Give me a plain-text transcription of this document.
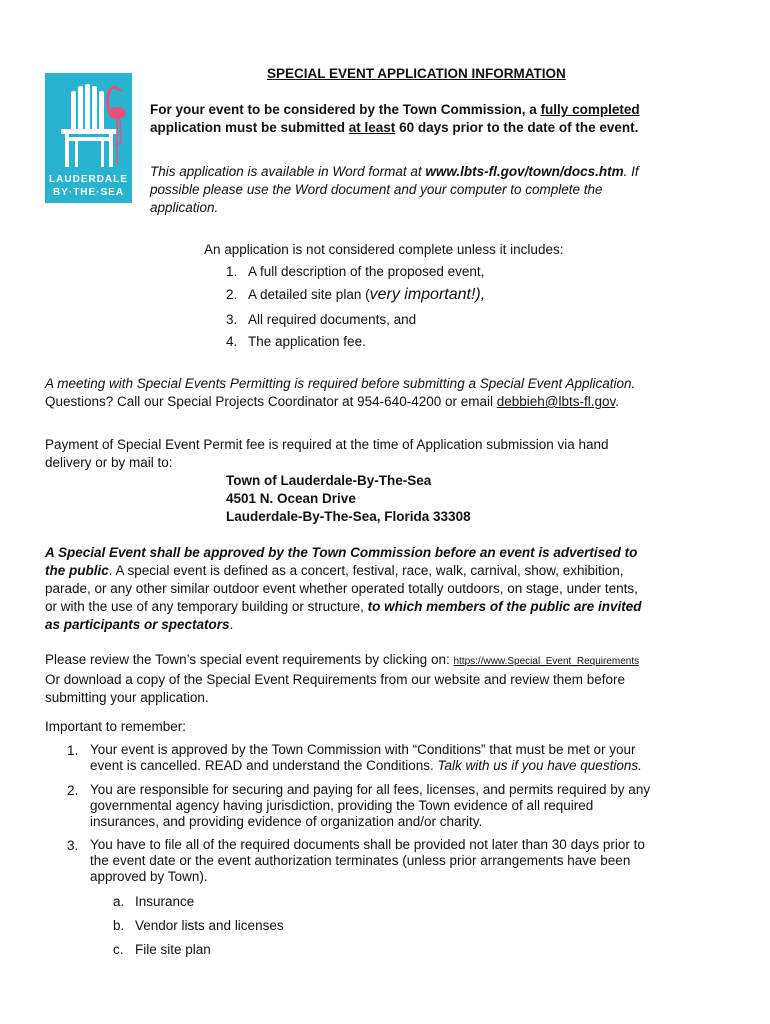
LAUDERDALE
BY·THE·SEA
SPECIAL EVENT APPLICATION INFORMATION
For your event to be considered by the Town Commission, a fully completed
application must be submitted at least 60 days prior to the date of the event.
This application is available in Word format at www.lbts-fl.gov/town/docs.htm. If
possible please use the Word document and your computer to complete the
application.
An application is not considered complete unless it includes:
1. A full description of the proposed event,
2. A detailed site plan (very important!),
3. All required documents, and
4. The application fee.
A meeting with Special Events Permitting is required before submitting a Special Event Application.
Questions? Call our Special Projects Coordinator at 954-640-4200 or email debbieh@lbts-fl.gov.
Payment of Special Event Permit fee is required at the time of Application submission via hand
delivery or by mail to:
Town of Lauderdale-By-The-Sea
4501 N. Ocean Drive
Lauderdale-By-The-Sea, Florida 33308
A Special Event shall be approved by the Town Commission before an event is advertised to
the public. A special event is defined as a concert, festival, race, walk, carnival, show, exhibition,
parade, or any other similar outdoor event whether operated totally outdoors, on stage, under tents,
or with the use of any temporary building or structure, to which members of the public are invited
as participants or spectators.
Please review the Town’s special event requirements by clicking on: https://www.Special_Event_Requirements
Or download a copy of the Special Event Requirements from our website and review them before
submitting your application.
Important to remember:
1. Your event is approved by the Town Commission with “Conditions” that must be met or your
event is cancelled. READ and understand the Conditions. Talk with us if you have questions.
2. You are responsible for securing and paying for all fees, licenses, and permits required by any
governmental agency having jurisdiction, providing the Town evidence of all required
insurances, and providing evidence of organization and/or charity.
3. You have to file all of the required documents shall be provided not later than 30 days prior to
the event date or the event authorization terminates (unless prior arrangements have been
approved by Town).
a. Insurance
b. Vendor lists and licenses
c. File site plan
